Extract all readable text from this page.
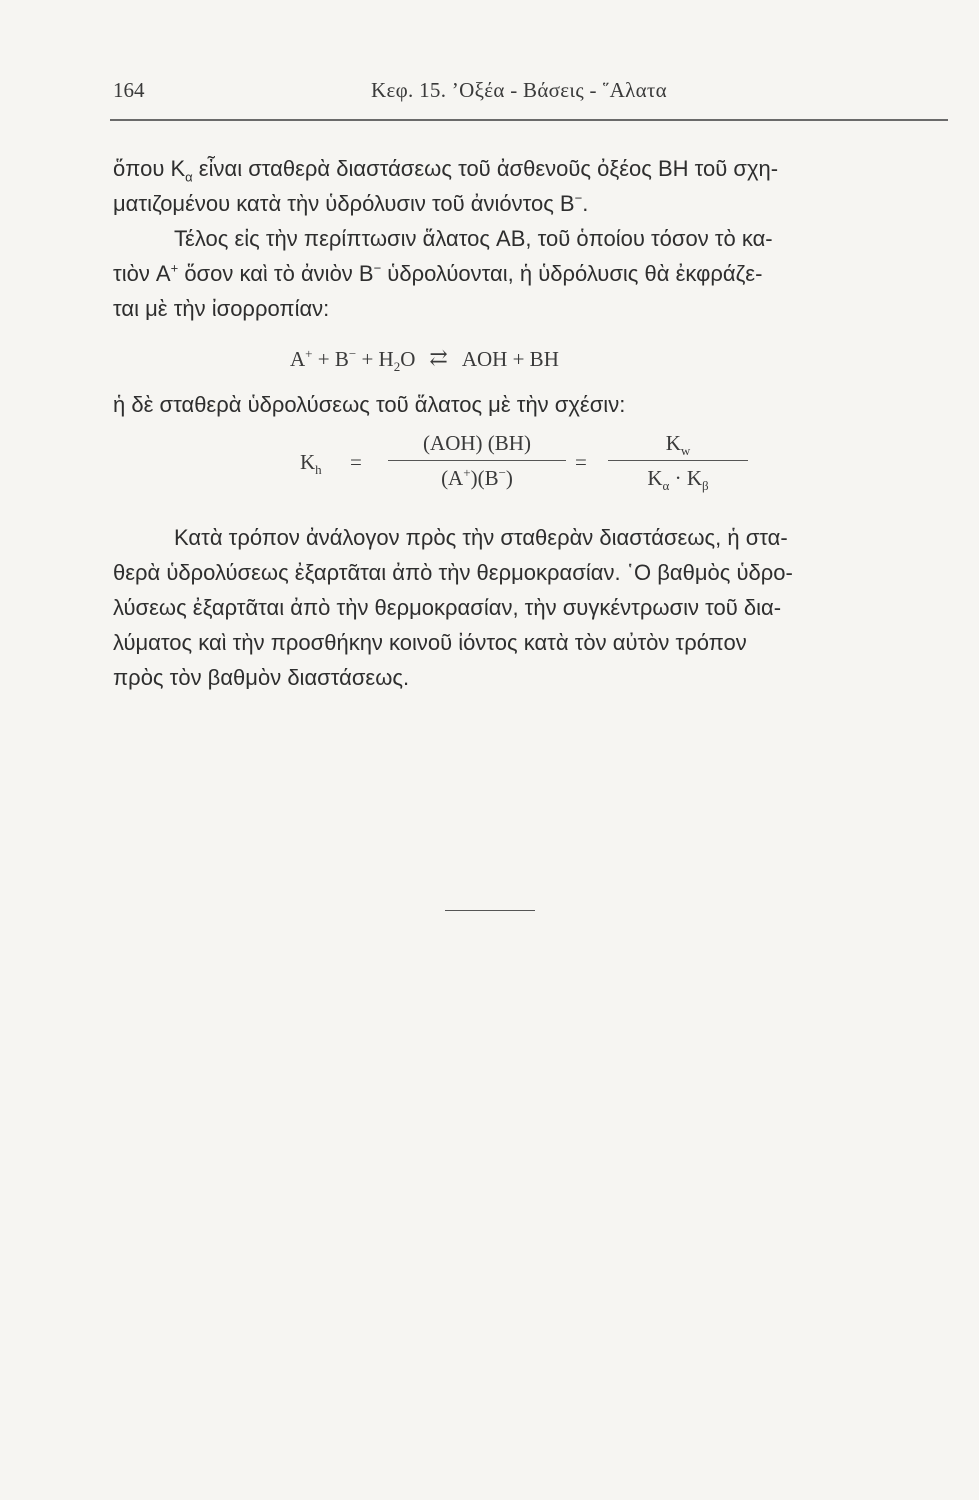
164	Κεφ. 15. ’Οξέα - Βάσεις - ῞Αλατα
ὅπου $K_\alpha$ εἶναι σταθερὰ διαστάσεως τοῦ ἀσθενοῦς ὀξέος BH τοῦ σχη-
ματιζομένου κατὰ τὴν ὑδρόλυσιν τοῦ ἀνιόντος B−.
Τέλος εἰς τὴν περίπτωσιν ἅλατος AB, τοῦ ὁποίου τόσον τὸ κα-
τιὸν A+ ὅσον καὶ τὸ ἀνιὸν B− ὑδρολύονται, ἡ ὑδρόλυσις θὰ ἐκφράζε-
ται μὲ τὴν ἰσορροπίαν:
$A^+ + B^- + H_2O$ ⇄ AOH + BH
ἡ δὲ σταθερὰ ὑδρολύσεως τοῦ ἅλατος μὲ τὴν σχέσιν:
$K_h$ =
(AOH) (BH)
(A+)(B−)
=
$K_w$
$K_\alpha \cdot K_\beta$
Κατὰ τρόπον ἀνάλογον πρὸς τὴν σταθερὰν διαστάσεως, ἡ στα-
θερὰ ὑδρολύσεως ἐξαρτᾶται ἀπὸ τὴν θερμοκρασίαν. ῾Ο βαθμὸς ὑδρο-
λύσεως ἐξαρτᾶται ἀπὸ τὴν θερμοκρασίαν, τὴν συγκέντρωσιν τοῦ δια-
λύματος καὶ τὴν προσθήκην κοινοῦ ἰόντος κατὰ τὸν αὐτὸν τρόπον
πρὸς τὸν βαθμὸν διαστάσεως.
